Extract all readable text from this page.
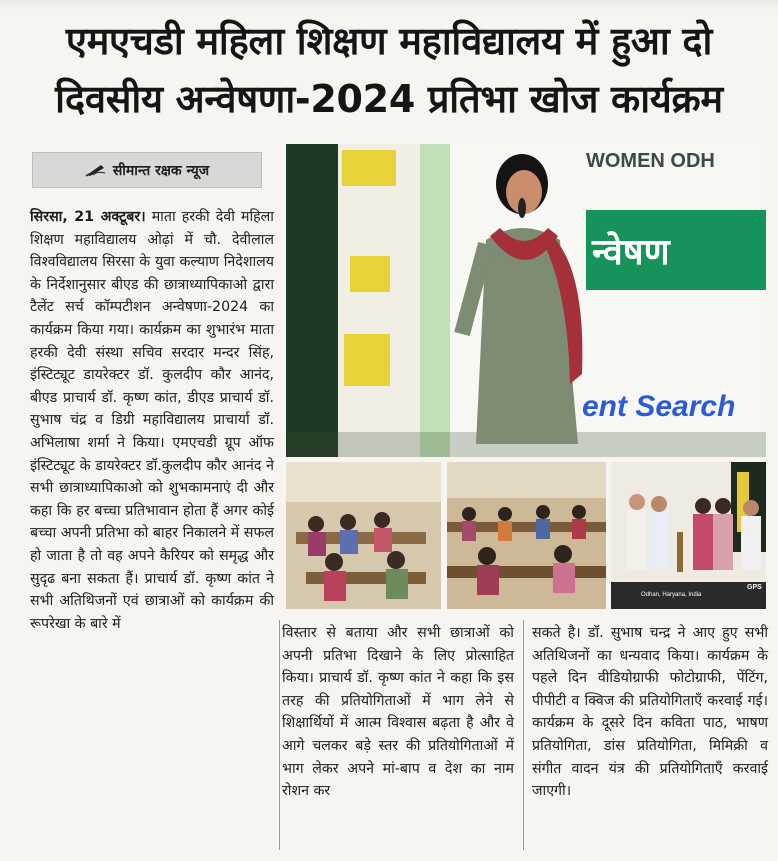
एमएचडी महिला शिक्षण महाविद्यालय में हुआ दो
दिवसीय अन्वेषणा-2024 प्रतिभा खोज कार्यक्रम
सीमान्त रक्षक न्यूज
सिरसा, 21 अक्टूबर। माता हरकी देवी महिला शिक्षण महाविद्यालय ओढ़ां में चौ. देवीलाल विश्वविद्यालय सिरसा के युवा कल्याण निदेशालय के निर्देशानुसार बीएड की छात्राध्यापिकाओ द्वारा टैलेंट सर्च कॉम्पटीशन अन्वेषणा-2024 का कार्यक्रम किया गया। कार्यक्रम का शुभारंभ माता हरकी देवी संस्था सचिव सरदार मन्दर सिंह, इंस्टिट्यूट डायरेक्टर डॉ. कुलदीप कौर आनंद, बीएड प्राचार्य डॉ. कृष्ण कांत, डीएड प्राचार्य डॉ. सुभाष चंद्र व डिग्री महाविद्यालय प्राचार्या डॉ. अभिलाषा शर्मा ने किया। एमएचडी ग्रूप ऑफ इंस्टिट्यूट के डायरेक्टर डॉ.कुलदीप कौर आनंद ने सभी छात्राध्यापिकाओ को शुभकामनाएं दी और कहा कि हर बच्चा प्रतिभावान होता हैं अगर कोई बच्चा अपनी प्रतिभा को बाहर निकालने में सफल हो जाता है तो वह अपने कैरियर को समृद्ध और सुदृढ बना सकता हैं। प्राचार्य डॉ. कृष्ण कांत ने सभी अतिथिजनों एवं छात्राओं को कार्यक्रम की रूपरेखा के बारे में
WOMEN ODH
न्वेषण
ent Search
GPS
Odhan, Haryana, India
विस्तार से बताया और सभी छात्राओं को अपनी प्रतिभा दिखाने के लिए प्रोत्साहित किया। प्राचार्य डॉ. कृष्ण कांत ने कहा कि इस तरह की प्रतियोगिताओं में भाग लेने से शिक्षार्थियों में आत्म विश्वास बढ़ता है और वे आगे चलकर बड़े स्तर की प्रतियोगिताओं में भाग लेकर अपने मां-बाप व देश का नाम रोशन कर
सकते है। डॉ. सुभाष चन्द्र ने आए हुए सभी अतिथिजनों का धन्यवाद किया। कार्यक्रम के पहले दिन वीडियोग्राफी फोटोग्राफी, पेंटिंग, पीपीटी व क्विज की प्रतियोगिताएँ करवाई गई। कार्यक्रम के दूसरे दिन कविता पाठ, भाषण प्रतियोगिता, डांस प्रतियोगिता, मिमिक्री व संगीत वादन यंत्र की प्रतियोगिताएँ करवाई जाएगी।
